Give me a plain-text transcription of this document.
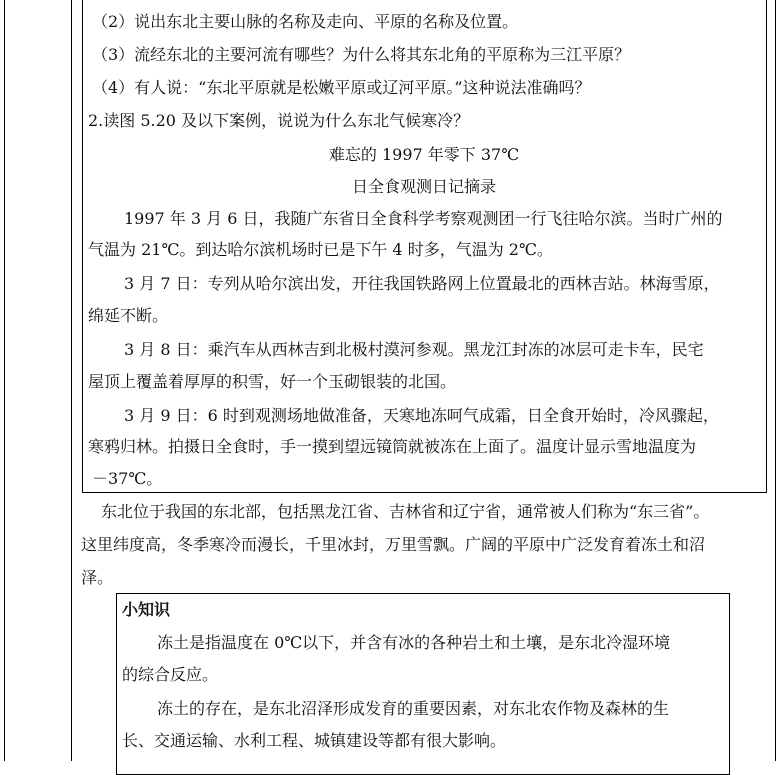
（2）说出东北主要山脉的名称及走向、平原的名称及位置。
（3）流经东北的主要河流有哪些？为什么将其东北角的平原称为三江平原？
（4）有人说：“东北平原就是松嫩平原或辽河平原。”这种说法准确吗？
2.读图 5.20 及以下案例，说说为什么东北气候寒冷？
难忘的 1997 年零下 37℃
日全食观测日记摘录
1997 年 3 月 6 日，我随广东省日全食科学考察观测团一行飞往哈尔滨。当时广州的
气温为 21℃。到达哈尔滨机场时已是下午 4 时多，气温为 2℃。
3 月 7 日：专列从哈尔滨出发，开往我国铁路网上位置最北的西林吉站。林海雪原，
绵延不断。
3 月 8 日：乘汽车从西林吉到北极村漠河参观。黑龙江封冻的冰层可走卡车，民宅
屋顶上覆盖着厚厚的积雪，好一个玉砌银装的北国。
3 月 9 日：6 时到观测场地做准备，天寒地冻呵气成霜，日全食开始时，冷风骤起，
寒鸦归林。拍摄日全食时，手一摸到望远镜筒就被冻在上面了。温度计显示雪地温度为
－37℃。
东北位于我国的东北部，包括黑龙江省、吉林省和辽宁省，通常被人们称为“东三省”。
这里纬度高，冬季寒冷而漫长，千里冰封，万里雪飘。广阔的平原中广泛发育着冻土和沼
泽。
小知识
冻土是指温度在 0℃以下，并含有冰的各种岩土和土壤，是东北冷湿环境
的综合反应。
冻土的存在，是东北沼泽形成发育的重要因素，对东北农作物及森林的生
长、交通运输、水利工程、城镇建设等都有很大影响。
